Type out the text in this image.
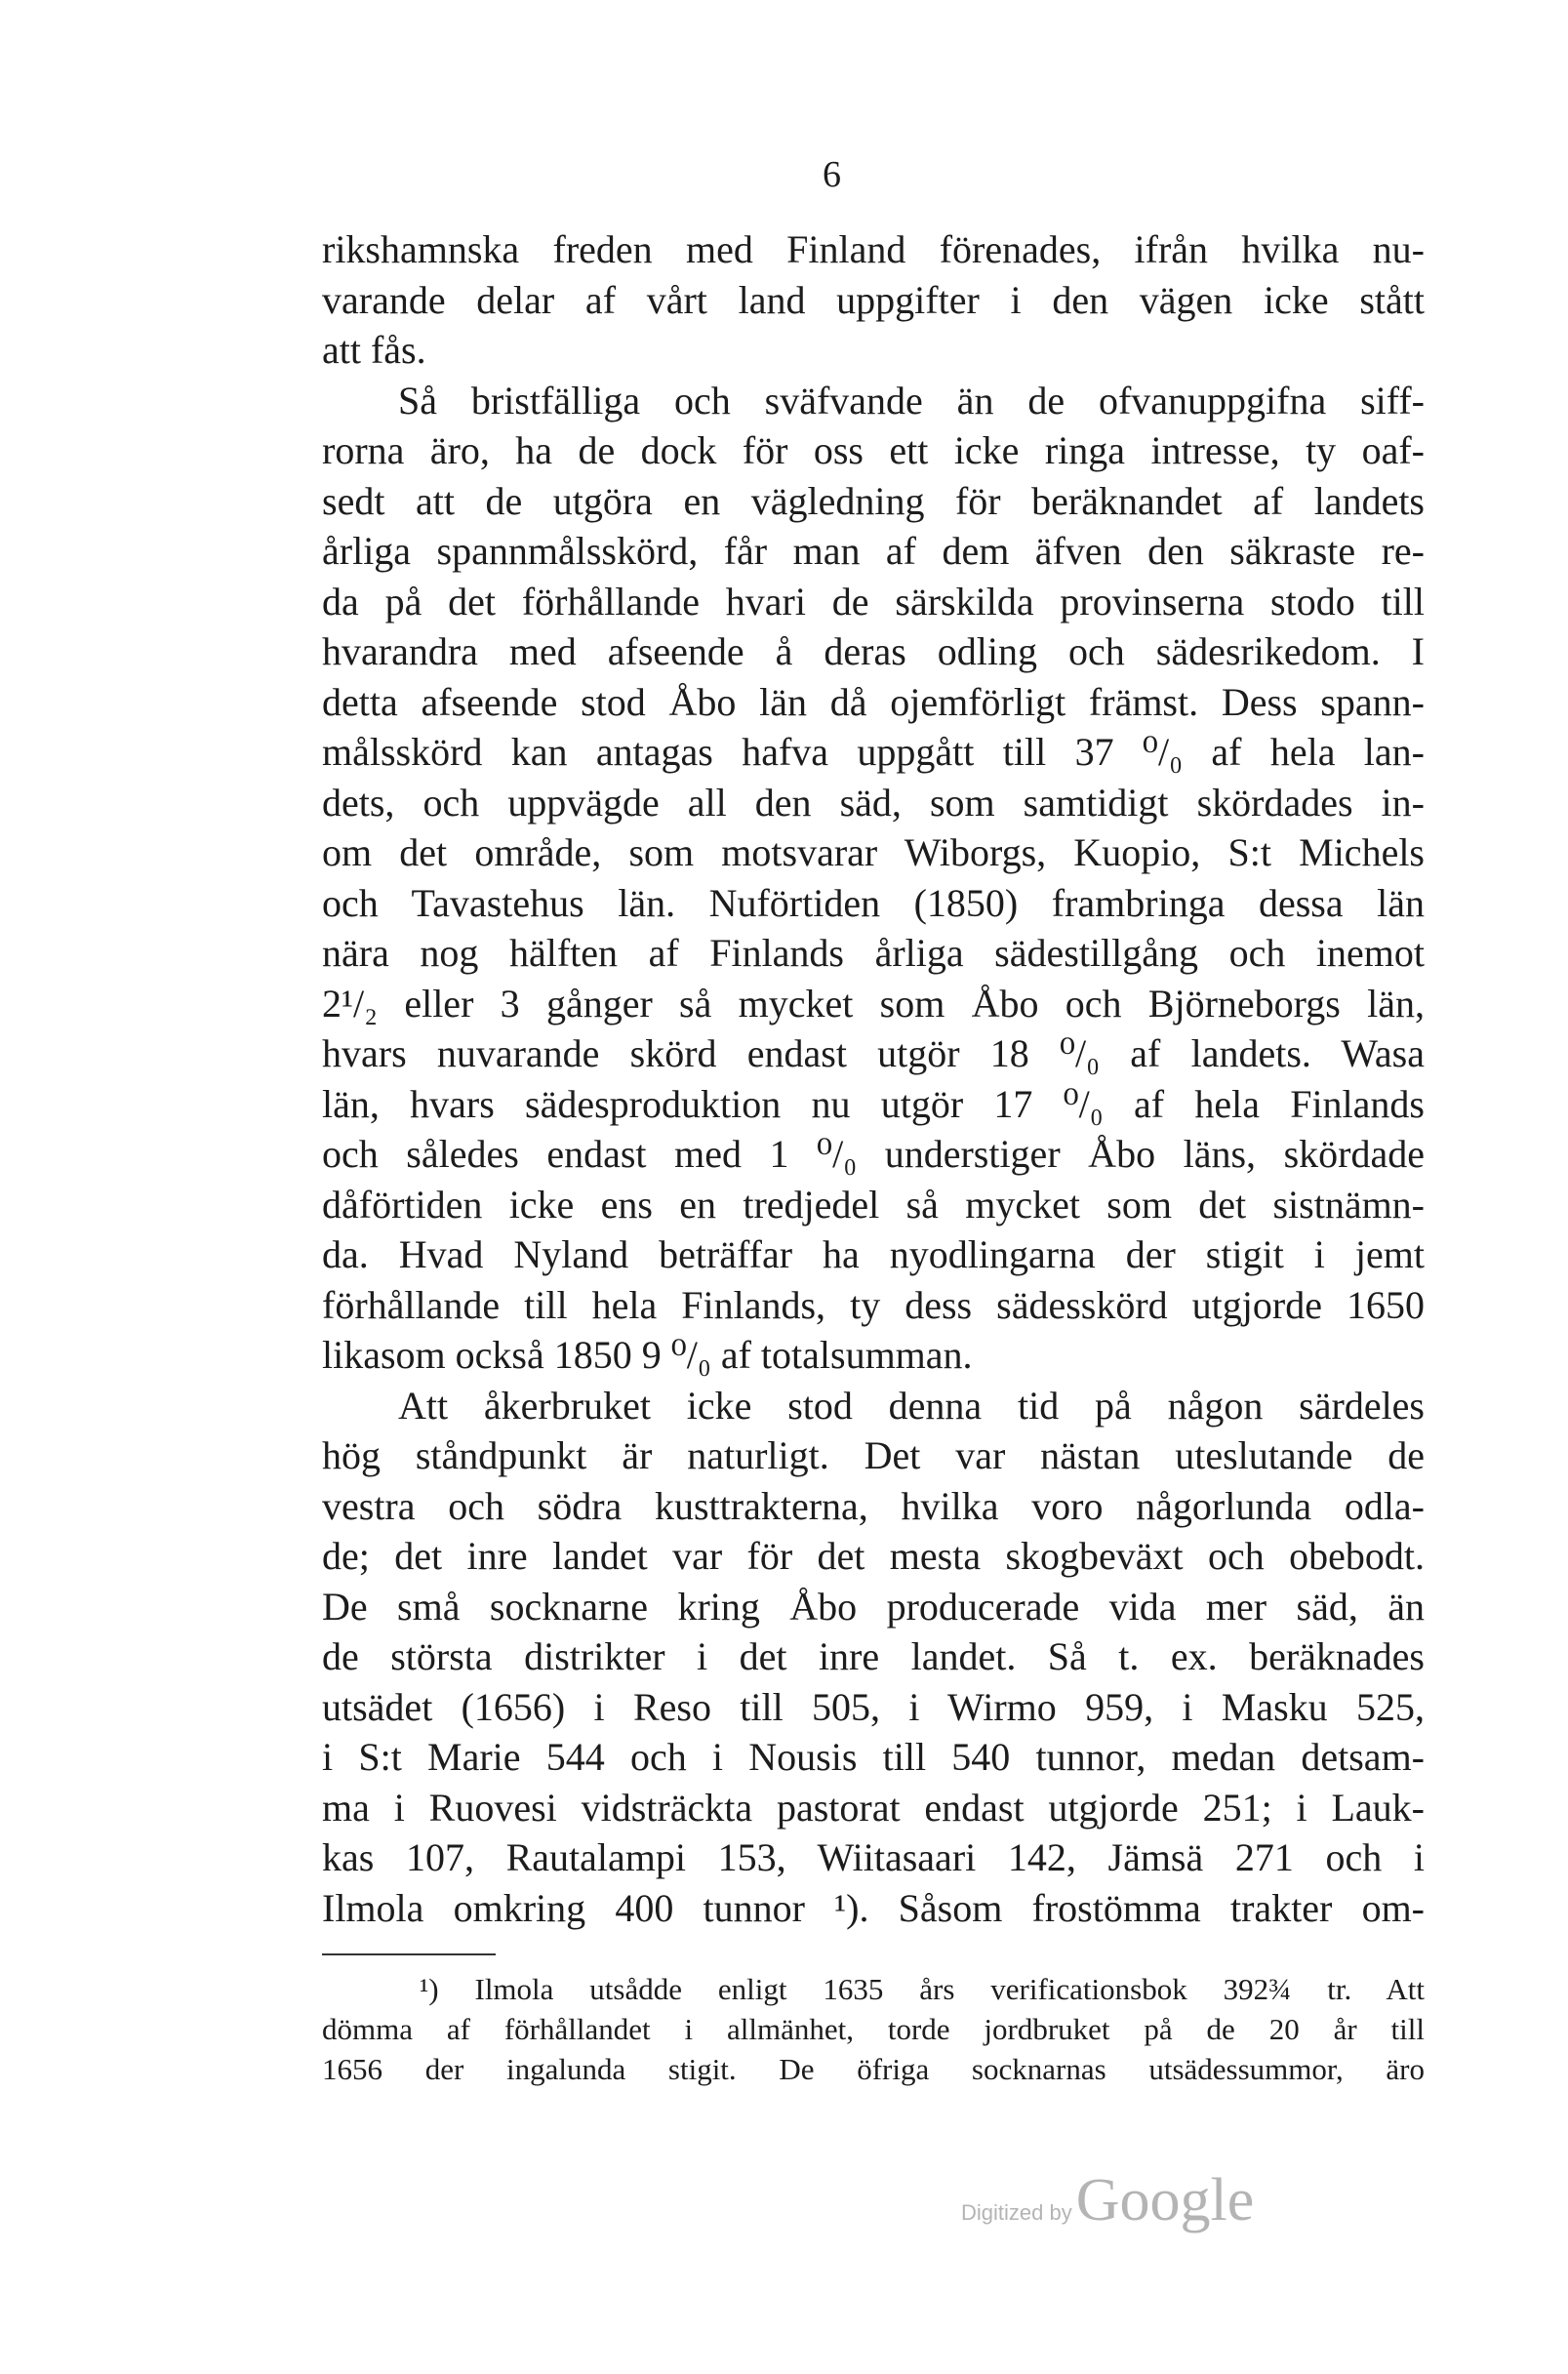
6
rikshamnska freden med Finland förenades, ifrån hvilka nu-
varande delar af vårt land uppgifter i den vägen icke stått
att fås.
Så bristfälliga och sväfvande än de ofvanuppgifna siff-
rorna äro, ha de dock för oss ett icke ringa intresse, ty oaf-
sedt att de utgöra en vägledning för beräknandet af landets
årliga spannmålsskörd, får man af dem äfven den säkraste re-
da på det förhållande hvari de särskilda provinserna stodo till
hvarandra med afseende å deras odling och sädesrikedom. I
detta afseende stod Åbo län då ojemförligt främst. Dess spann-
målsskörd kan antagas hafva uppgått till 37 ⁰/₀ af hela lan-
dets, och uppvägde all den säd, som samtidigt skördades in-
om det område, som motsvarar Wiborgs, Kuopio, S:t Michels
och Tavastehus län. Nuförtiden (1850) frambringa dessa län
nära nog hälften af Finlands årliga sädestillgång och inemot
2¹/₂ eller 3 gånger så mycket som Åbo och Björneborgs län,
hvars nuvarande skörd endast utgör 18 ⁰/₀ af landets. Wasa
län, hvars sädesproduktion nu utgör 17 ⁰/₀ af hela Finlands
och således endast med 1 ⁰/₀ understiger Åbo läns, skördade
dåförtiden icke ens en tredjedel så mycket som det sistnämn-
da. Hvad Nyland beträffar ha nyodlingarna der stigit i jemt
förhållande till hela Finlands, ty dess sädesskörd utgjorde 1650
likasom också 1850 9 ⁰/₀ af totalsumman.
Att åkerbruket icke stod denna tid på någon särdeles
hög ståndpunkt är naturligt. Det var nästan uteslutande de
vestra och södra kusttrakterna, hvilka voro någorlunda odla-
de; det inre landet var för det mesta skogbeväxt och obebodt.
De små socknarne kring Åbo producerade vida mer säd, än
de största distrikter i det inre landet. Så t. ex. beräknades
utsädet (1656) i Reso till 505, i Wirmo 959, i Masku 525,
i S:t Marie 544 och i Nousis till 540 tunnor, medan detsam-
ma i Ruovesi vidsträckta pastorat endast utgjorde 251; i Lauk-
kas 107, Rautalampi 153, Wiitasaari 142, Jämsä 271 och i
Ilmola omkring 400 tunnor ¹). Såsom frostömma trakter om-
¹) Ilmola utsådde enligt 1635 års verificationsbok 392¾ tr. Att
dömma af förhållandet i allmänhet, torde jordbruket på de 20 år till
1656 der ingalunda stigit. De öfriga socknarnas utsädessummor, äro
Digitized byGoogle
